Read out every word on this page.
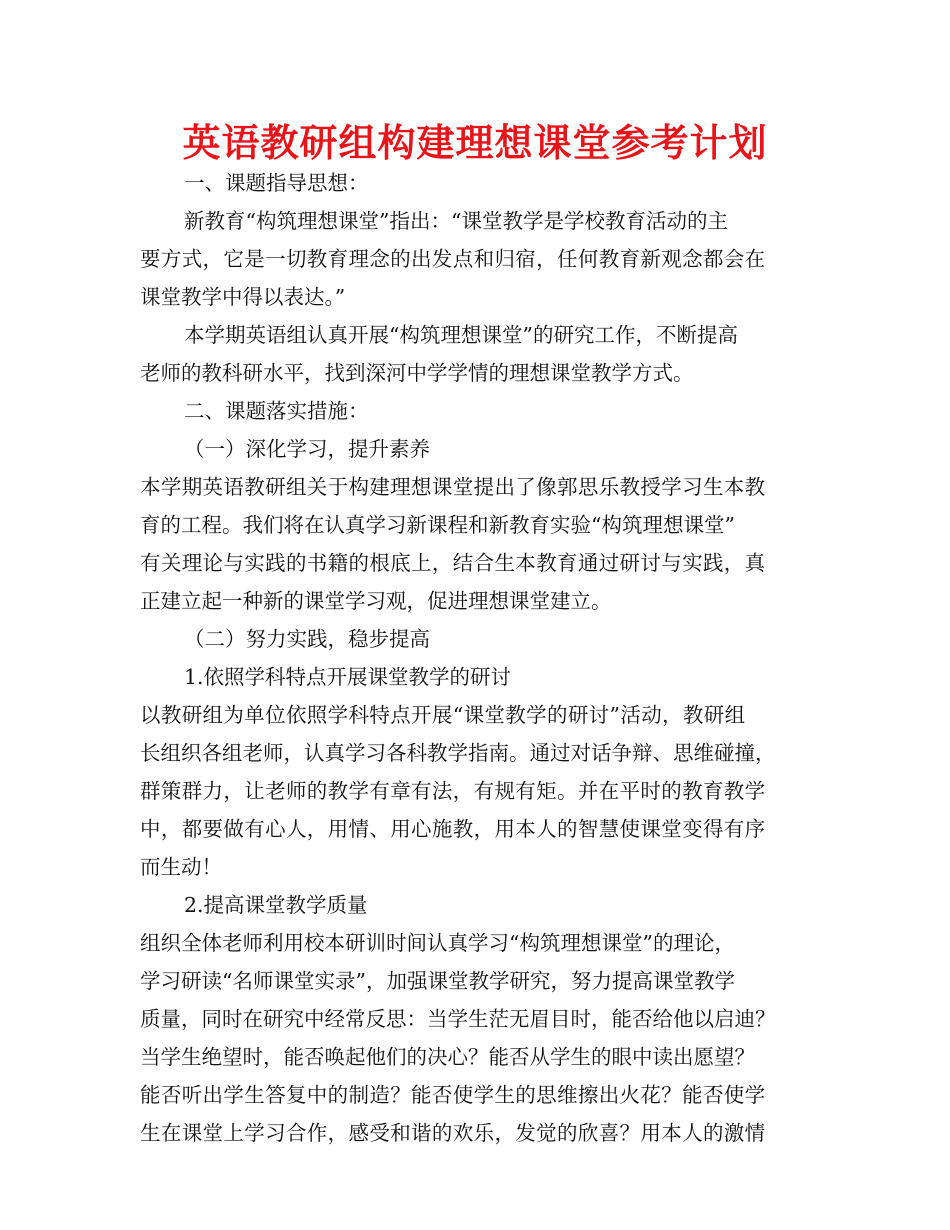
英语教研组构建理想课堂参考计划
一、课题指导思想：
新教育“构筑理想课堂”指出：“课堂教学是学校教育活动的主
要方式，它是一切教育理念的出发点和归宿，任何教育新观念都会在
课堂教学中得以表达。”
本学期英语组认真开展“构筑理想课堂”的研究工作，不断提高
老师的教科研水平，找到深河中学学情的理想课堂教学方式。
二、课题落实措施：
（一）深化学习，提升素养
本学期英语教研组关于构建理想课堂提出了像郭思乐教授学习生本教
育的工程。我们将在认真学习新课程和新教育实验“构筑理想课堂”
有关理论与实践的书籍的根底上，结合生本教育通过研讨与实践，真
正建立起一种新的课堂学习观，促进理想课堂建立。
（二）努力实践，稳步提高
1.依照学科特点开展课堂教学的研讨
以教研组为单位依照学科特点开展“课堂教学的研讨”活动，教研组
长组织各组老师，认真学习各科教学指南。通过对话争辩、思维碰撞，
群策群力，让老师的教学有章有法，有规有矩。并在平时的教育教学
中，都要做有心人，用情、用心施教，用本人的智慧使课堂变得有序
而生动！
2.提高课堂教学质量
组织全体老师利用校本研训时间认真学习“构筑理想课堂”的理论，
学习研读“名师课堂实录”，加强课堂教学研究，努力提高课堂教学
质量，同时在研究中经常反思：当学生茫无眉目时，能否给他以启迪？
当学生绝望时，能否唤起他们的决心？能否从学生的眼中读出愿望？
能否听出学生答复中的制造？能否使学生的思维擦出火花？能否使学
生在课堂上学习合作，感受和谐的欢乐，发觉的欣喜？用本人的激情
